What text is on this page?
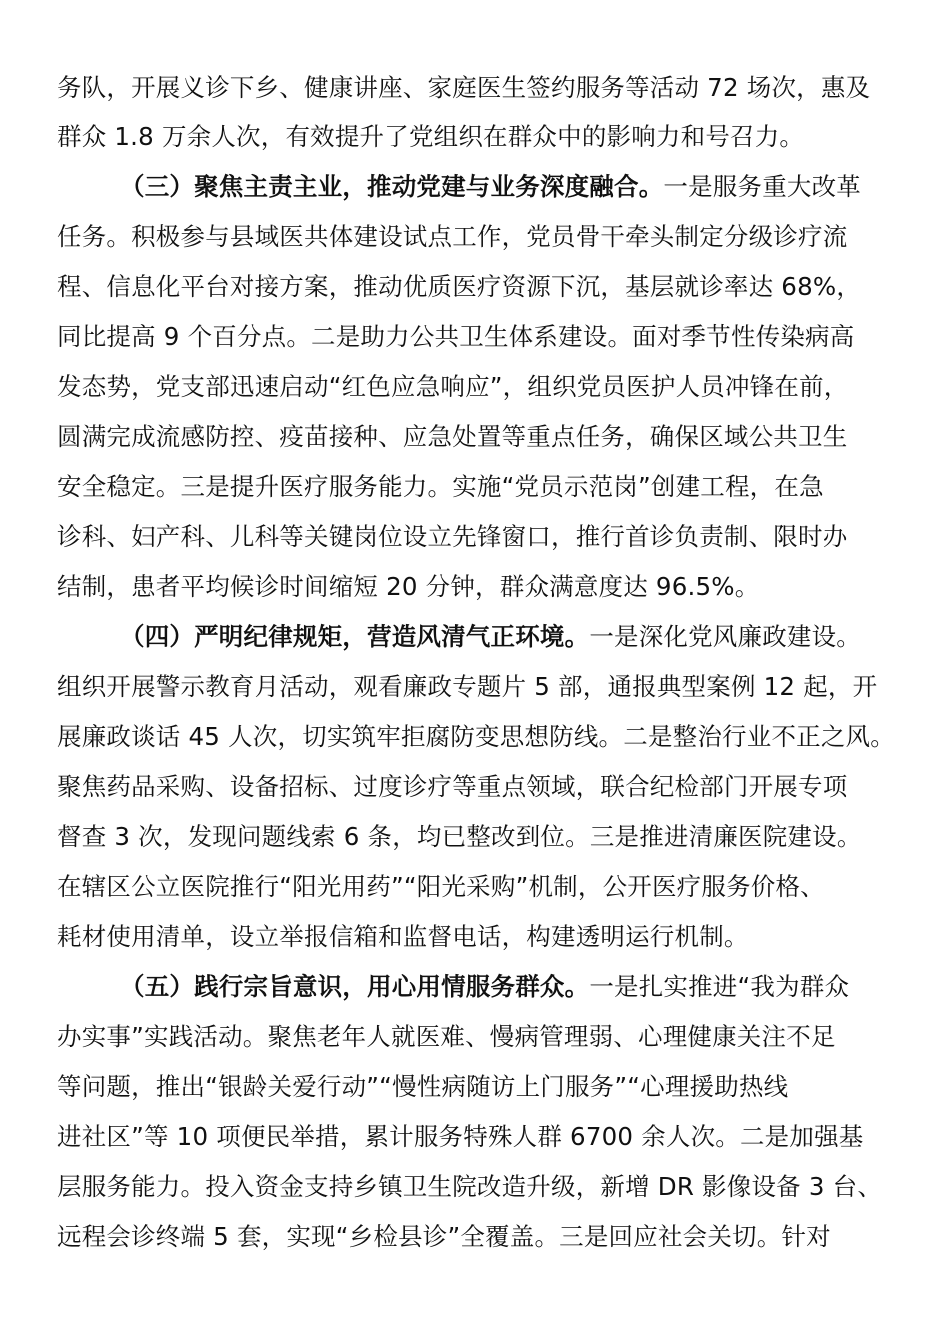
务队，开展义诊下乡、健康讲座、家庭医生签约服务等活动 72 场次，惠及
群众 1.8 万余人次，有效提升了党组织在群众中的影响力和号召力。
（三）聚焦主责主业，推动党建与业务深度融合。一是服务重大改革
任务。积极参与县域医共体建设试点工作，党员骨干牵头制定分级诊疗流
程、信息化平台对接方案，推动优质医疗资源下沉，基层就诊率达 68%，
同比提高 9 个百分点。二是助力公共卫生体系建设。面对季节性传染病高
发态势，党支部迅速启动“红色应急响应”，组织党员医护人员冲锋在前，
圆满完成流感防控、疫苗接种、应急处置等重点任务，确保区域公共卫生
安全稳定。三是提升医疗服务能力。实施“党员示范岗”创建工程，在急
诊科、妇产科、儿科等关键岗位设立先锋窗口，推行首诊负责制、限时办
结制，患者平均候诊时间缩短 20 分钟，群众满意度达 96.5%。
（四）严明纪律规矩，营造风清气正环境。一是深化党风廉政建设。
组织开展警示教育月活动，观看廉政专题片 5 部，通报典型案例 12 起，开
展廉政谈话 45 人次，切实筑牢拒腐防变思想防线。二是整治行业不正之风。
聚焦药品采购、设备招标、过度诊疗等重点领域，联合纪检部门开展专项
督查 3 次，发现问题线索 6 条，均已整改到位。三是推进清廉医院建设。
在辖区公立医院推行“阳光用药”“阳光采购”机制，公开医疗服务价格、
耗材使用清单，设立举报信箱和监督电话，构建透明运行机制。
（五）践行宗旨意识，用心用情服务群众。一是扎实推进“我为群众
办实事”实践活动。聚焦老年人就医难、慢病管理弱、心理健康关注不足
等问题，推出“银龄关爱行动”“慢性病随访上门服务”“心理援助热线
进社区”等 10 项便民举措，累计服务特殊人群 6700 余人次。二是加强基
层服务能力。投入资金支持乡镇卫生院改造升级，新增 DR 影像设备 3 台、
远程会诊终端 5 套，实现“乡检县诊”全覆盖。三是回应社会关切。针对
